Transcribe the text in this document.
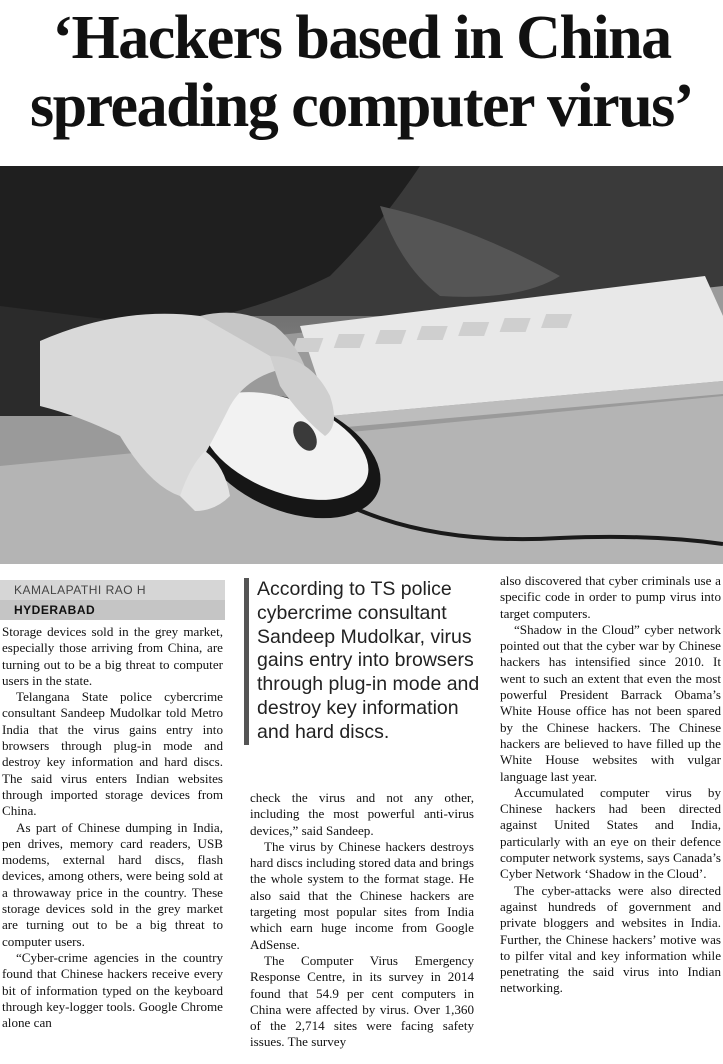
‘Hackers based in China
spreading computer virus’
KAMALAPATHI RAO H
HYDERABAD

Storage devices sold in the grey market, especially those arriving from China, are turning out to be a big threat to computer users in the state.

Telangana State police cybercrime consultant Sandeep Mudolkar told Metro India that the virus gains entry into browsers through plug-in mode and destroy key information and hard discs. The said virus enters Indian websites through imported storage devices from China.

As part of Chinese dumping in India, pen drives, memory card readers, USB modems, external hard discs, flash devices, among others, were being sold at a throwaway price in the country. These storage devices sold in the grey market are turning out to be a big threat to computer users.

“Cyber-crime agencies in the country found that Chinese hackers receive every bit of information typed on the keyboard through key-logger tools. Google Chrome alone can

According to TS police cybercrime consultant Sandeep Mudolkar, virus gains entry into browsers through plug-in mode and destroy key information and hard discs.

check the virus and not any other, including the most powerful anti-virus devices,” said Sandeep.

The virus by Chinese hackers destroys hard discs including stored data and brings the whole system to the format stage. He also said that the Chinese hackers are targeting most popular sites from India which earn huge income from Google AdSense.

The Computer Virus Emergency Response Centre, in its survey in 2014 found that 54.9 per cent computers in China were affected by virus. Over 1,360 of the 2,714 sites were facing safety issues. The survey

also discovered that cyber criminals use a specific code in order to pump virus into target computers.

“Shadow in the Cloud” cyber network pointed out that the cyber war by Chinese hackers has intensified since 2010. It went to such an extent that even the most powerful President Barrack Obama’s White House office has not been spared by the Chinese hackers. The Chinese hackers are believed to have filled up the White House websites with vulgar language last year.

Accumulated computer virus by Chinese hackers had been directed against United States and India, particularly with an eye on their defence computer network systems, says Canada’s Cyber Network ‘Shadow in the Cloud’.

The cyber-attacks were also directed against hundreds of government and private bloggers and websites in India. Further, the Chinese hackers’ motive was to pilfer vital and key information while penetrating the said virus into Indian networking.
